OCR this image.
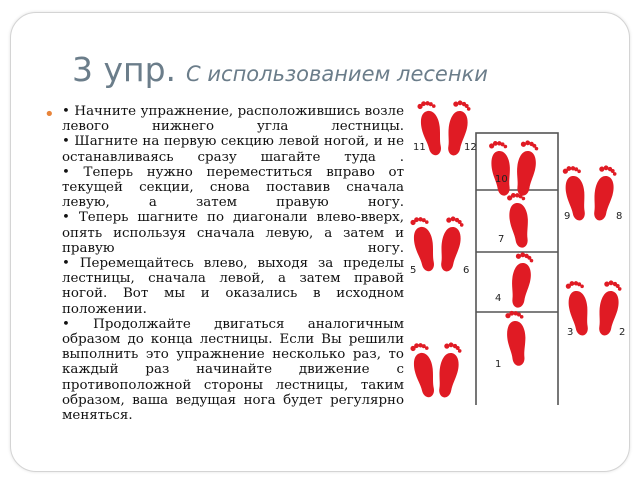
3 упр. С использованием лесенки
• • Начните упражнение, расположившись возле левого нижнего угла лестницы.

• Шагните на первую секцию левой ногой, и не останавливаясь сразу шагайте туда .

• Теперь нужно переместиться вправо от текущей секции, снова поставив сначала левую, а затем правую ногу.

• Теперь шагните по диагонали влево-вверх, опять используя сначала левую, а затем и правую ногу.

• Перемещайтесь влево, выходя за пределы лестницы, сначала левой, а затем правой ногой. Вот мы и оказались в исходном положении.

• Продолжайте двигаться аналогичным образом до конца лестницы. Если Вы решили выполнить это упражнение несколько раз, то каждый раз начинайте движение с противоположной стороны лестницы, таким образом, ваша ведущая нога будет регулярно меняться.

11	12
10
9	8
7
5	6
4
3	2
1
